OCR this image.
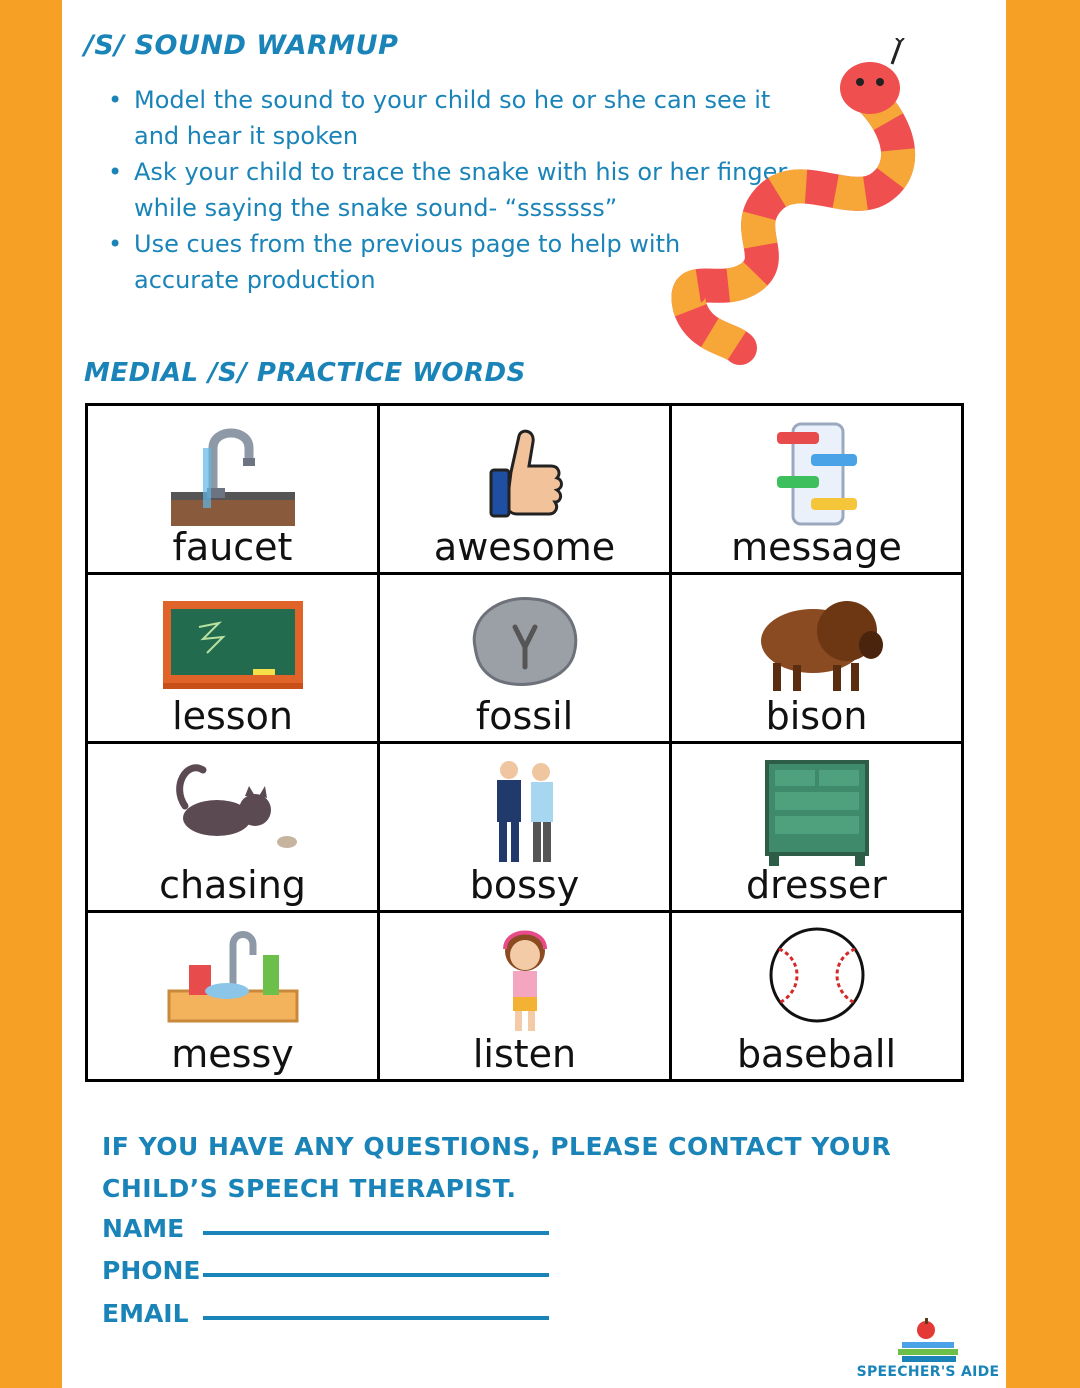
/S/ SOUND WARMUP
• Model the sound to your child so he or she can see it and hear it spoken
• Ask your child to trace the snake with his or her finger while saying the snake sound- “sssssss”
• Use cues from the previous page to help with accurate production
MEDIAL /S/ PRACTICE WORDS
faucet	awesome	message

lesson	fossil	bison

chasing	bossy	dresser

messy	listen	baseball
IF YOU HAVE ANY QUESTIONS, PLEASE CONTACT YOUR CHILD’S SPEECH THERAPIST.
NAME
PHONE
EMAIL
SPEECHER'S AIDE
